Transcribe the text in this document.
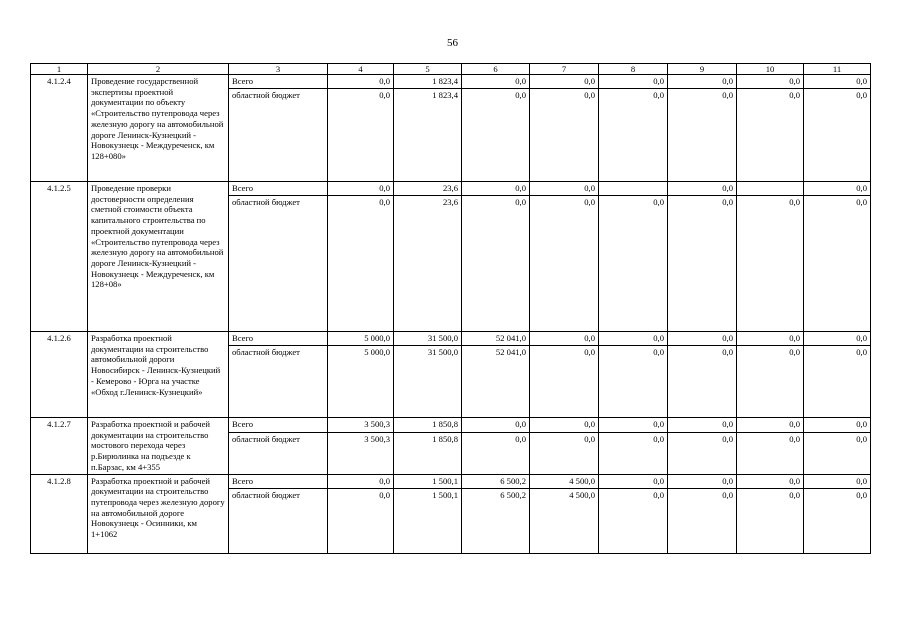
56
1	2	3	4	5	6	7	8	9	10	11
4.1.2.4	Проведение государственной экспертизы проектной документации по объекту «Строительство путепровода через железную дорогу на автомобильной дороге Ленинск-Кузнецкий - Новокузнецк - Междуреченск, км 128+080»	Всего	0,0	1 823,4	0,0	0,0	0,0	0,0	0,0	0,0
		областной бюджет	0,0	1 823,4	0,0	0,0	0,0	0,0	0,0	0,0
4.1.2.5	Проведение проверки достоверности определения сметной стоимости объекта капитального строительства по проектной документации «Строительство путепровода через железную дорогу на автомобильной дороге Ленинск-Кузнецкий - Новокузнецк - Междуреченск, км 128+08»	Всего	0,0	23,6	0,0	0,0		0,0		0,0
		областной бюджет	0,0	23,6	0,0	0,0	0,0	0,0	0,0	0,0
4.1.2.6	Разработка проектной документации на строительство автомобильной дороги Новосибирск - Ленинск-Кузнецкий - Кемерово - Юрга на участке «Обход г.Ленинск-Кузнецкий»	Всего	5 000,0	31 500,0	52 041,0	0,0	0,0	0,0	0,0	0,0
		областной бюджет	5 000,0	31 500,0	52 041,0	0,0	0,0	0,0	0,0	0,0
4.1.2.7	Разработка проектной и рабочей документации на строительство мостового перехода через р.Бирюлинка на подъезде к п.Барзас, км 4+355	Всего	3 500,3	1 850,8	0,0	0,0	0,0	0,0	0,0	0,0
		областной бюджет	3 500,3	1 850,8	0,0	0,0	0,0	0,0	0,0	0,0
4.1.2.8	Разработка проектной и рабочей документации на строительство путепровода через железную дорогу на автомобильной дороге Новокузнецк - Осинники, км 1+1062	Всего	0,0	1 500,1	6 500,2	4 500,0	0,0	0,0	0,0	0,0
		областной бюджет	0,0	1 500,1	6 500,2	4 500,0	0,0	0,0	0,0	0,0
